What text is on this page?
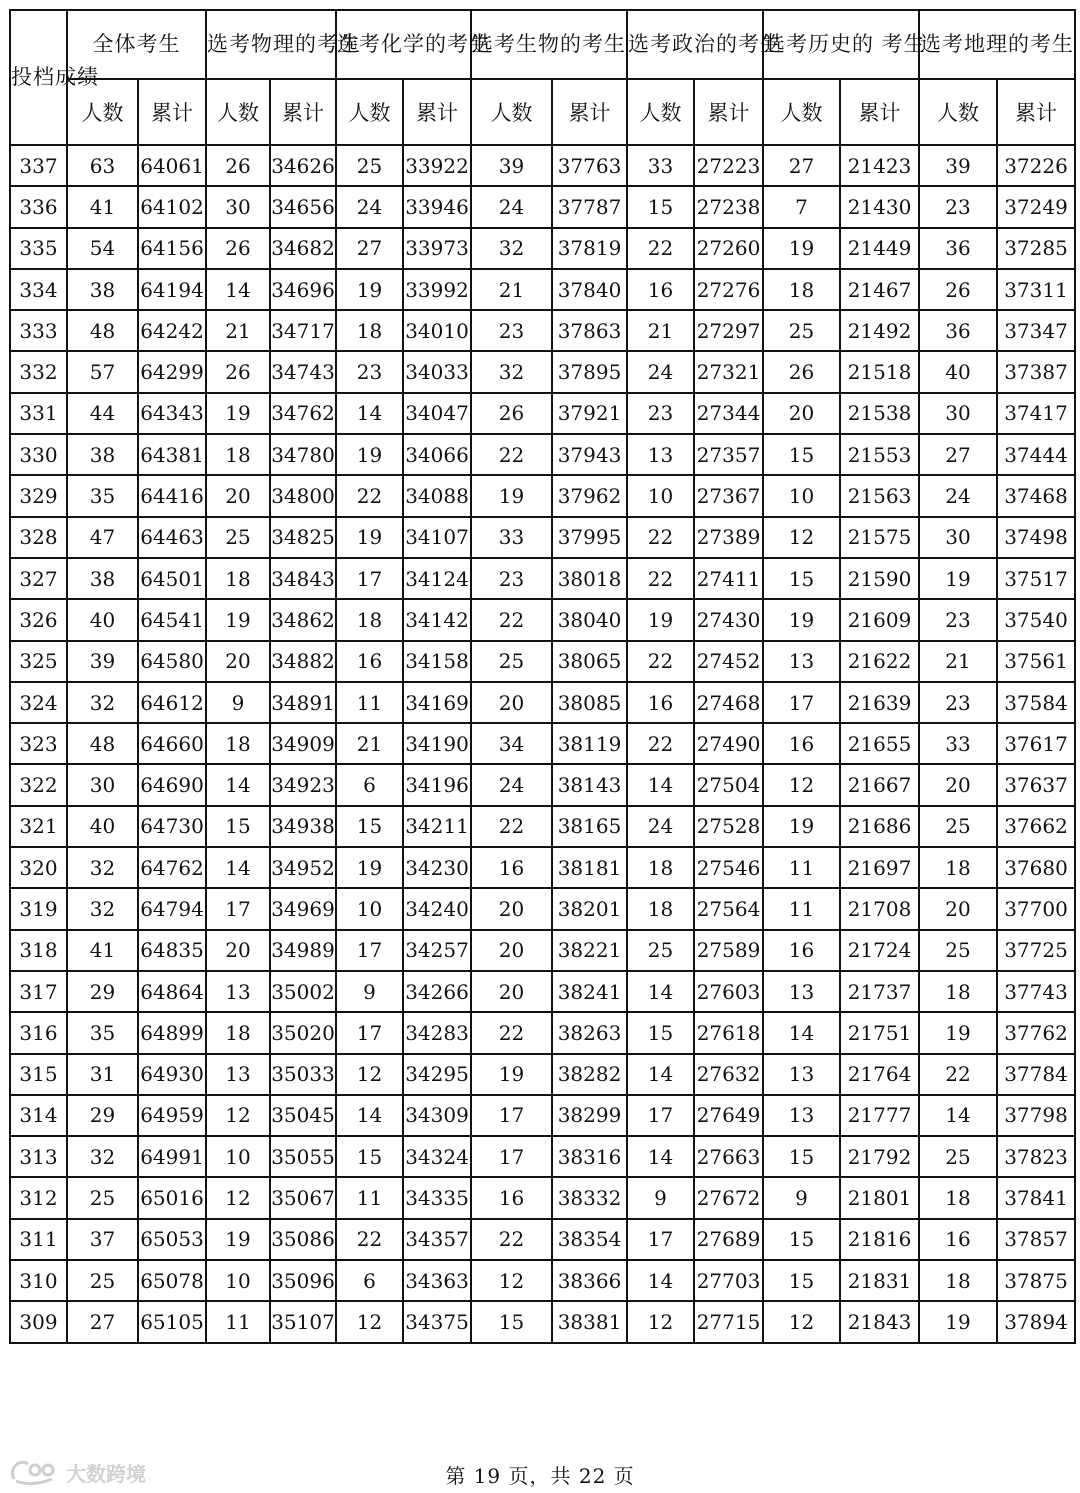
投档成绩	全体考生		选考物理的考生		选考化学的考生		选考生物的考生		选考政治的考生		选考历史的 考生		选考地理的考生	
	人数	累计	人数	累计	人数	累计	人数	累计	人数	累计	人数	累计	人数	累计
337	63	64061	26	34626	25	33922	39	37763	33	27223	27	21423	39	37226
336	41	64102	30	34656	24	33946	24	37787	15	27238	7	21430	23	37249
335	54	64156	26	34682	27	33973	32	37819	22	27260	19	21449	36	37285
334	38	64194	14	34696	19	33992	21	37840	16	27276	18	21467	26	37311
333	48	64242	21	34717	18	34010	23	37863	21	27297	25	21492	36	37347
332	57	64299	26	34743	23	34033	32	37895	24	27321	26	21518	40	37387
331	44	64343	19	34762	14	34047	26	37921	23	27344	20	21538	30	37417
330	38	64381	18	34780	19	34066	22	37943	13	27357	15	21553	27	37444
329	35	64416	20	34800	22	34088	19	37962	10	27367	10	21563	24	37468
328	47	64463	25	34825	19	34107	33	37995	22	27389	12	21575	30	37498
327	38	64501	18	34843	17	34124	23	38018	22	27411	15	21590	19	37517
326	40	64541	19	34862	18	34142	22	38040	19	27430	19	21609	23	37540
325	39	64580	20	34882	16	34158	25	38065	22	27452	13	21622	21	37561
324	32	64612	9	34891	11	34169	20	38085	16	27468	17	21639	23	37584
323	48	64660	18	34909	21	34190	34	38119	22	27490	16	21655	33	37617
322	30	64690	14	34923	6	34196	24	38143	14	27504	12	21667	20	37637
321	40	64730	15	34938	15	34211	22	38165	24	27528	19	21686	25	37662
320	32	64762	14	34952	19	34230	16	38181	18	27546	11	21697	18	37680
319	32	64794	17	34969	10	34240	20	38201	18	27564	11	21708	20	37700
318	41	64835	20	34989	17	34257	20	38221	25	27589	16	21724	25	37725
317	29	64864	13	35002	9	34266	20	38241	14	27603	13	21737	18	37743
316	35	64899	18	35020	17	34283	22	38263	15	27618	14	21751	19	37762
315	31	64930	13	35033	12	34295	19	38282	14	27632	13	21764	22	37784
314	29	64959	12	35045	14	34309	17	38299	17	27649	13	21777	14	37798
313	32	64991	10	35055	15	34324	17	38316	14	27663	15	21792	25	37823
312	25	65016	12	35067	11	34335	16	38332	9	27672	9	21801	18	37841
311	37	65053	19	35086	22	34357	22	38354	17	27689	15	21816	16	37857
310	25	65078	10	35096	6	34363	12	38366	14	27703	15	21831	18	37875
309	27	65105	11	35107	12	34375	15	38381	12	27715	12	21843	19	37894
大数跨境	第 19 页，共 22 页
